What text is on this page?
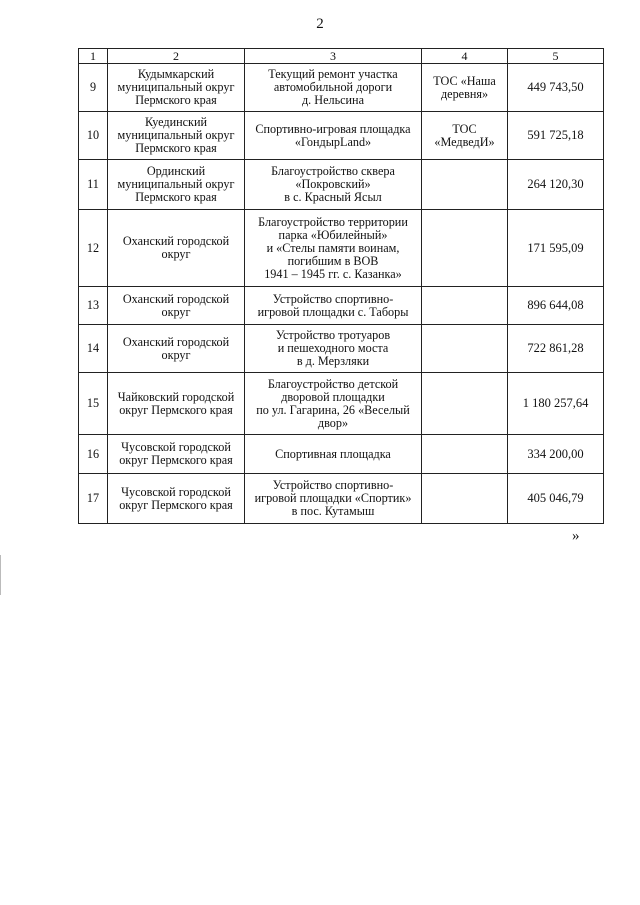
2
1	2	3	4	5
9	Кудымкарский
муниципальный округ
Пермского края	Текущий ремонт участка
автомобильной дороги
д. Нельсина	ТОС «Наша
деревня»	449 743,50
10	Куединский
муниципальный округ
Пермского края	Спортивно-игровая площадка
«ГондырLand»	ТОС
«МедведИ»	591 725,18
11	Ординский
муниципальный округ
Пермского края	Благоустройство сквера
«Покровский»
в с. Красный Ясыл		264 120,30
12	Оханский городской
округ	Благоустройство территории
парка «Юбилейный»
и «Стелы памяти воинам,
погибшим в ВОВ
1941 – 1945 гг. с. Казанка»		171 595,09
13	Оханский городской
округ	Устройство спортивно-
игровой площадки с. Таборы		896 644,08
14	Оханский городской
округ	Устройство тротуаров
и пешеходного моста
в д. Мерзляки		722 861,28
15	Чайковский городской
округ Пермского края	Благоустройство детской
дворовой площадки
по ул. Гагарина, 26 «Веселый
двор»		1 180 257,64
16	Чусовской городской
округ Пермского края	Спортивная площадка		334 200,00
17	Чусовской городской
округ Пермского края	Устройство спортивно-
игровой площадки «Спортик»
в пос. Кутамыш		405 046,79
»
